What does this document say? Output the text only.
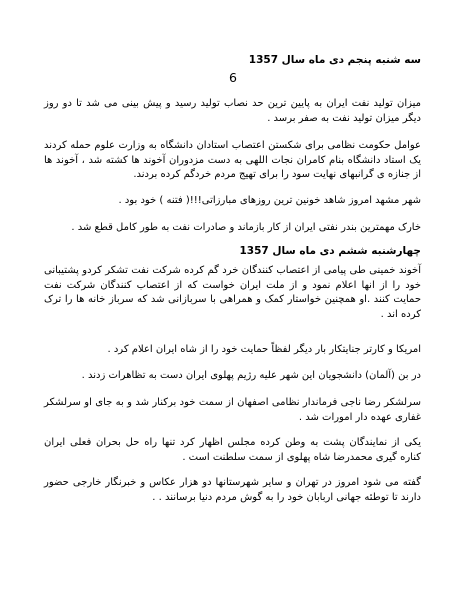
سه شنبه پنجم دی ماه سال 1357
6

میزان تولید نفت ایران به پایین ترین حد نصاب تولید رسید و پیش بینی می شد تا دو روز دیگر میزان تولید نفت به صفر برسد .

عوامل حکومت نظامی برای شکستن اعتصاب استادان دانشگاه به وزارت علوم حمله کردند یک استاد دانشگاه بنام کامران نجات اللهی به دست مزدوران آخوند ها کشته شد ، آخوند ها از جنازه ی گرانبهای نهایت سود را برای تهیج مردم خردگم کرده بردند.

شهر مشهد امروز شاهد خونین ترین روزهای مبارزاتی!!!( فتنه ) خود بود .

خارک مهمترین بندر نفتی ایران از کار بازماند و صادرات نفت به طور کامل قطع شد .

چهارشنبه ششم دی ماه سال 1357

آخوند خمینی طی پیامی از اعتصاب کنندگان خرد گم کرده شرکت نفت تشکر کردو پشتیبانی خود را از انها اعلام نمود و از ملت ایران خواست که از اعتصاب کنندگان شرکت نفت حمایت کنند .او همچنین خواستار کمک و همراهی با سربازانی شد که سرباز خانه ها را ترک کرده اند .

امریکا و کارتر جنایتکار بار دیگر لفظاً حمایت خود را از شاه ایران اعلام کرد .

در بن (آلمان) دانشجویان این شهر علیه رژیم پهلوی ایران دست به تظاهرات زدند .

سرلشکر رضا ناجی فرماندار نظامی اصفهان از سمت خود برکنار شد و به جای او سرلشکر غفاری عهده دار امورات شد .

یکی از نمایندگان پشت به وطن کرده مجلس اظهار کرد تنها راه حل بحران فعلی ایران کناره گیری محمدرضا شاه پهلوی از سمت سلطنت است .

گفته می شود امروز در تهران و سایر شهرستانها دو هزار عکاس و خبرنگار خارجی حضور دارند تا توطئه جهانی اربابان خود را به گوش مردم دنیا برسانند . .
